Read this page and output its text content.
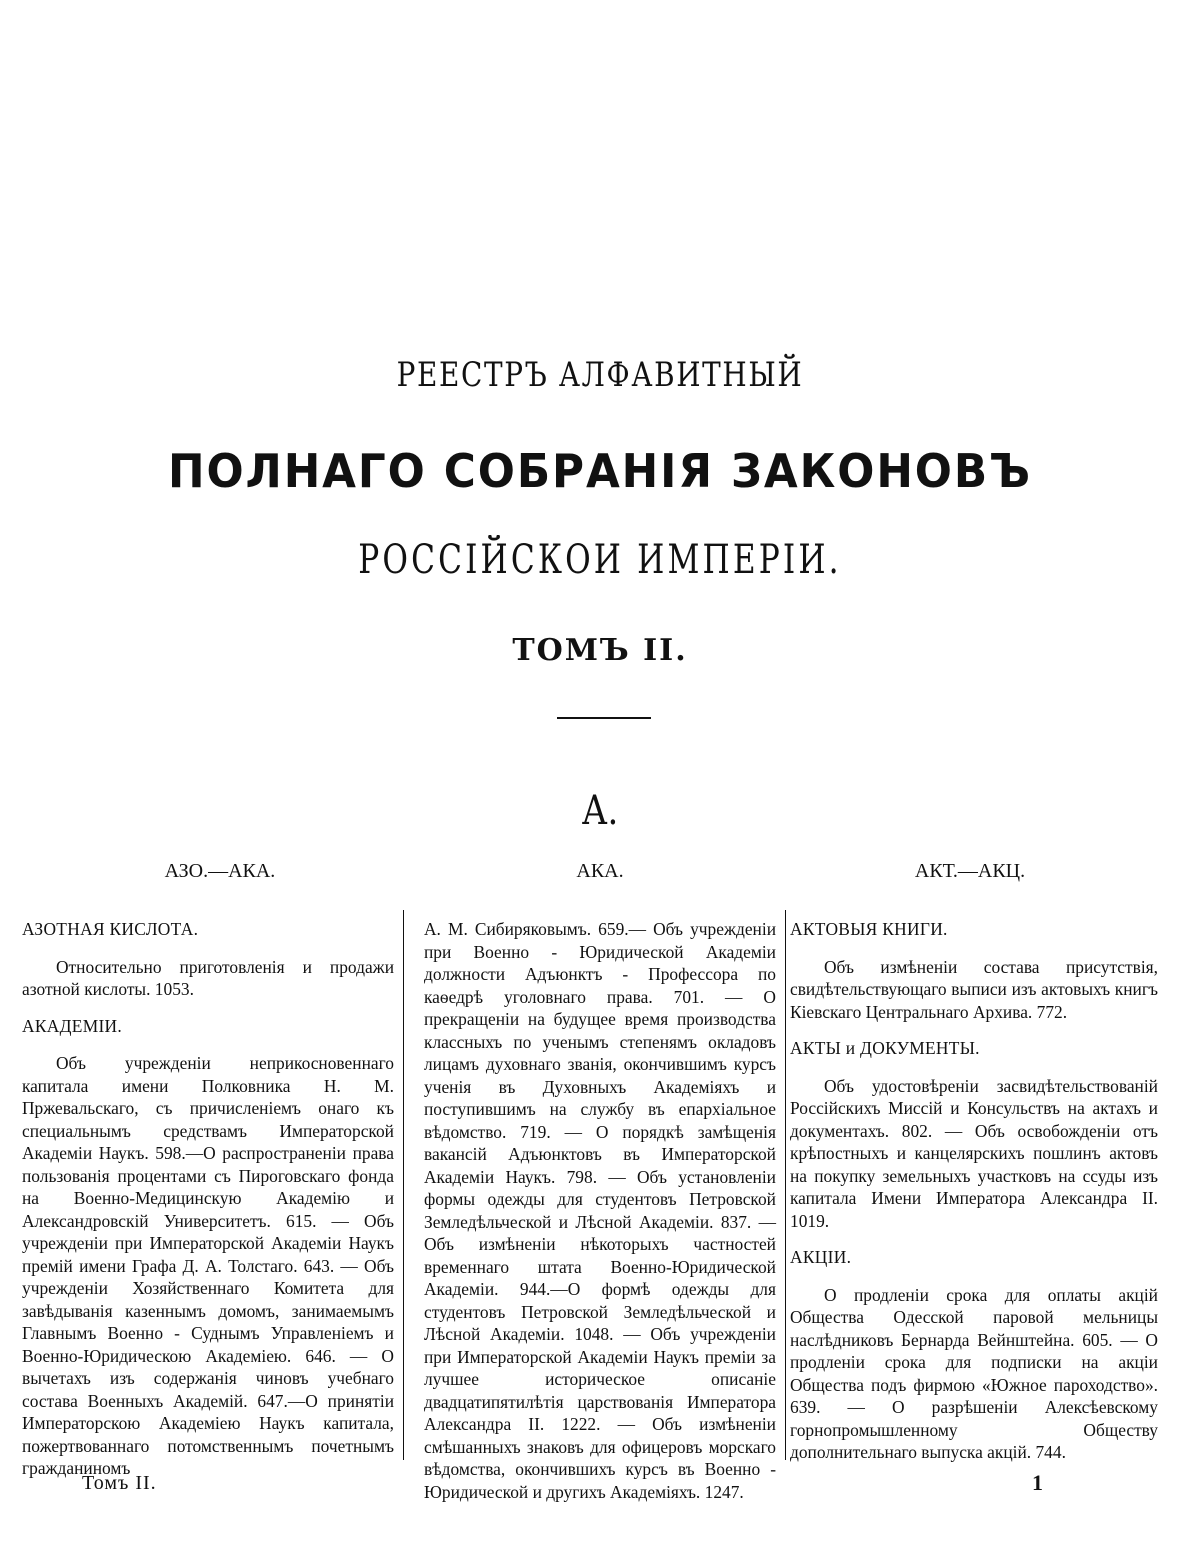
РЕЕСТРЪ АЛФАВИТНЫЙ
ПОЛНАГО СОБРАНІЯ ЗАКОНОВЪ
РОССІЙСКОИ ИМПЕРІИ.
ТОМЪ II.
А.
АЗО.—АКА.	АКА.	АКТ.—АКЦ.
АЗОТНАЯ КИСЛОТА.
Относительно приготовленія и продажи азотной кислоты. 1053.
АКАДЕМІИ.
Объ учрежденіи неприкосновеннаго капитала имени Полковника Н. М. Пржевальскаго, съ причисленіемъ онаго къ специальнымъ средствамъ Императорской Академіи Наукъ. 598.—О распространеніи права пользованія процентами съ Пироговскаго фонда на Военно-Медицинскую Академію и Александровскій Университетъ. 615. — Объ учрежденіи при Императорской Академіи Наукъ премій имени Графа Д. А. Толстаго. 643. — Объ учрежденіи Хозяйственнаго Комитета для завѣдыванія казеннымъ домомъ, занимаемымъ Главнымъ Военно - Суднымъ Управленіемъ и Военно-Юридическою Академіею. 646. — О вычетахъ изъ содержанія чиновъ учебнаго состава Военныхъ Академій. 647.—О принятіи Императорскою Академіею Наукъ капитала, пожертвованнаго потомственнымъ почетнымъ гражданиномъ
А. М. Сибиряковымъ. 659.— Объ учрежденіи при Военно - Юридической Академіи должности Адъюнктъ - Профессора по каѳедрѣ уголовнаго права. 701. — О прекращеніи на будущее время производства классныхъ по ученымъ степенямъ окладовъ лицамъ духовнаго званія, окончившимъ курсъ ученія въ Духовныхъ Академіяхъ и поступившимъ на службу въ епархіальное вѣдомство. 719. — О порядкѣ замѣщенія вакансій Адъюнктовъ въ Императорской Академіи Наукъ. 798. — Объ установленіи формы одежды для студентовъ Петровской Земледѣльческой и Лѣсной Академіи. 837. — Объ измѣненіи нѣкоторыхъ частностей временнаго штата Военно-Юридической Академіи. 944.—О формѣ одежды для студентовъ Петровской Земледѣльческой и Лѣсной Академіи. 1048. — Объ учрежденіи при Императорской Академіи Наукъ преміи за лучшее историческое описаніе двадцатипятилѣтія царствованія Императора Александра II. 1222. — Объ измѣненіи смѣшанныхъ знаковъ для офицеровъ морскаго вѣдомства, окончившихъ курсъ въ Военно - Юридической и другихъ Академіяхъ. 1247.
АКТОВЫЯ КНИГИ.
Объ измѣненіи состава присутствія, свидѣтельствующаго выписи изъ актовыхъ книгъ Кіевскаго Центральнаго Архива. 772.
АКТЫ и ДОКУМЕНТЫ.
Объ удостовѣреніи засвидѣтельствованій Россійскихъ Миссій и Консульствъ на актахъ и документахъ. 802. — Объ освобожденіи отъ крѣпостныхъ и канцелярскихъ пошлинъ актовъ на покупку земельныхъ участковъ на ссуды изъ капитала Имени Императора Александра II. 1019.
АКЦІИ.
О продленіи срока для оплаты акцій Общества Одесской паровой мельницы наслѣдниковъ Бернарда Вейнштейна. 605. — О продленіи срока для подписки на акціи Общества подъ фирмою «Южное пароходство». 639. — О разрѣшеніи Алексѣевскому горнопромышленному Обществу дополнительнаго выпуска акцій. 744.
Томъ II.	1
